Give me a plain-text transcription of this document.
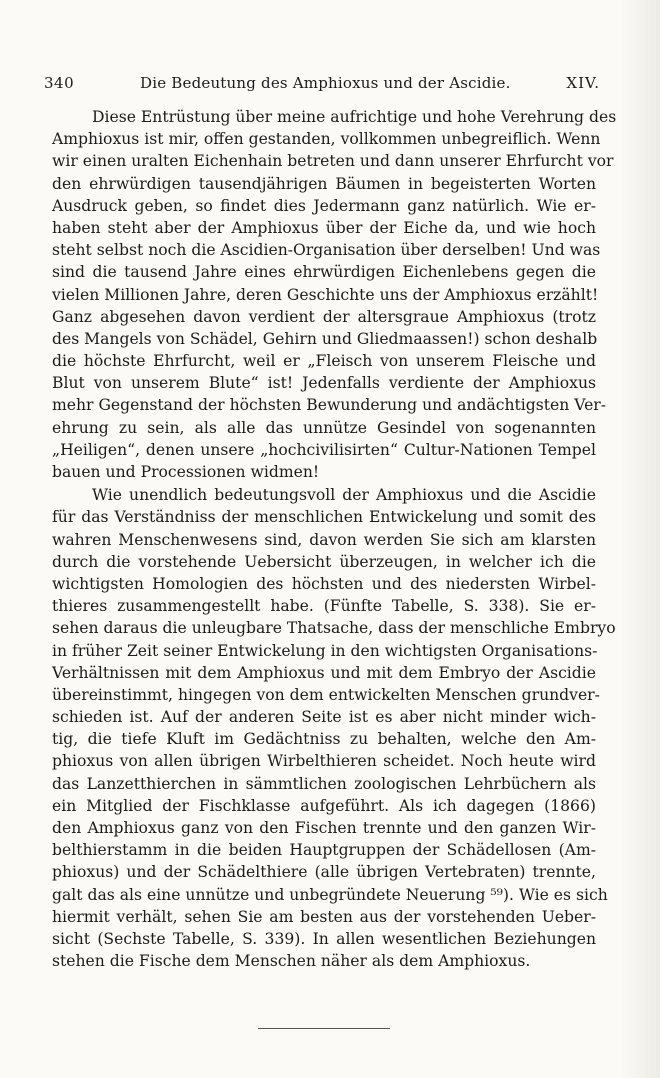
340	Die Bedeutung des Amphioxus und der Ascidie.	XIV.
Diese Entrüstung über meine aufrichtige und hohe Verehrung des
Amphioxus ist mir, offen gestanden, vollkommen unbegreiflich. Wenn
wir einen uralten Eichenhain betreten und dann unserer Ehrfurcht vor
den ehrwürdigen tausendjährigen Bäumen in begeisterten Worten
Ausdruck geben, so findet dies Jedermann ganz natürlich. Wie er-
haben steht aber der Amphioxus über der Eiche da, und wie hoch
steht selbst noch die Ascidien-Organisation über derselben! Und was
sind die tausend Jahre eines ehrwürdigen Eichenlebens gegen die
vielen Millionen Jahre, deren Geschichte uns der Amphioxus erzählt!
Ganz abgesehen davon verdient der altersgraue Amphioxus (trotz
des Mangels von Schädel, Gehirn und Gliedmaassen!) schon deshalb
die höchste Ehrfurcht, weil er „Fleisch von unserem Fleische und
Blut von unserem Blute“ ist! Jedenfalls verdiente der Amphioxus
mehr Gegenstand der höchsten Bewunderung und andächtigsten Ver-
ehrung zu sein, als alle das unnütze Gesindel von sogenannten
„Heiligen“, denen unsere „hochcivilisirten“ Cultur-Nationen Tempel
bauen und Processionen widmen!
Wie unendlich bedeutungsvoll der Amphioxus und die Ascidie
für das Verständniss der menschlichen Entwickelung und somit des
wahren Menschenwesens sind, davon werden Sie sich am klarsten
durch die vorstehende Uebersicht überzeugen, in welcher ich die
wichtigsten Homologien des höchsten und des niedersten Wirbel-
thieres zusammengestellt habe. (Fünfte Tabelle, S. 338). Sie er-
sehen daraus die unleugbare Thatsache, dass der menschliche Embryo
in früher Zeit seiner Entwickelung in den wichtigsten Organisations-
Verhältnissen mit dem Amphioxus und mit dem Embryo der Ascidie
übereinstimmt, hingegen von dem entwickelten Menschen grundver-
schieden ist. Auf der anderen Seite ist es aber nicht minder wich-
tig, die tiefe Kluft im Gedächtniss zu behalten, welche den Am-
phioxus von allen übrigen Wirbelthieren scheidet. Noch heute wird
das Lanzetthierchen in sämmtlichen zoologischen Lehrbüchern als
ein Mitglied der Fischklasse aufgeführt. Als ich dagegen (1866)
den Amphioxus ganz von den Fischen trennte und den ganzen Wir-
belthierstamm in die beiden Hauptgruppen der Schädellosen (Am-
phioxus) und der Schädelthiere (alle übrigen Vertebraten) trennte,
galt das als eine unnütze und unbegründete Neuerung ⁵⁹). Wie es sich
hiermit verhält, sehen Sie am besten aus der vorstehenden Ueber-
sicht (Sechste Tabelle, S. 339). In allen wesentlichen Beziehungen
stehen die Fische dem Menschen näher als dem Amphioxus.
